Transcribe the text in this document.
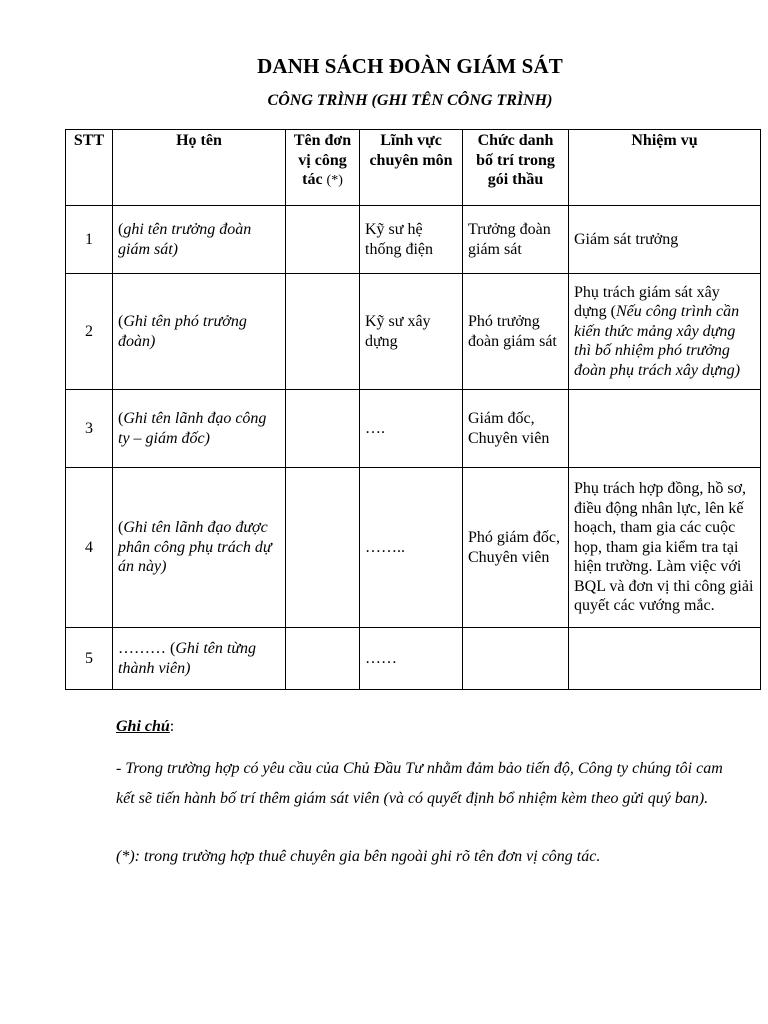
DANH SÁCH ĐOÀN GIÁM SÁT
CÔNG TRÌNH (GHI TÊN CÔNG TRÌNH)
STT	Họ tên	Tên đơn vị công tác (*)	Lĩnh vực chuyên môn	Chức danh bố trí trong gói thầu	Nhiệm vụ
1	(ghi tên trưởng đoàn giám sát)		Kỹ sư hệ thống điện	Trưởng đoàn giám sát	Giám sát trưởng
2	(Ghi tên phó trưởng đoàn)		Kỹ sư xây dựng	Phó trưởng đoàn giám sát	Phụ trách giám sát xây dựng (Nếu công trình cần kiến thức mảng xây dựng thì bố nhiệm phó trưởng đoàn phụ trách xây dựng)
3	(Ghi tên lãnh đạo công ty – giám đốc)		….	Giám đốc, Chuyên viên	
4	(Ghi tên lãnh đạo được phân công phụ trách dự án này)		……..	Phó giám đốc, Chuyên viên	Phụ trách hợp đồng, hồ sơ, điều động nhân lực, lên kế hoạch, tham gia các cuộc họp, tham gia kiểm tra tại hiện trường. Làm việc với BQL và đơn vị thi công giải quyết các vướng mắc.
5	……… (Ghi tên từng thành viên)		……		

Ghi chú:

- Trong trường hợp có yêu cầu của Chủ Đầu Tư nhằm đảm bảo tiến độ, Công ty chúng tôi cam kết sẽ tiến hành bố trí thêm giám sát viên (và có quyết định bổ nhiệm kèm theo gửi quý ban).

(*): trong trường hợp thuê chuyên gia bên ngoài ghi rõ tên đơn vị công tác.
